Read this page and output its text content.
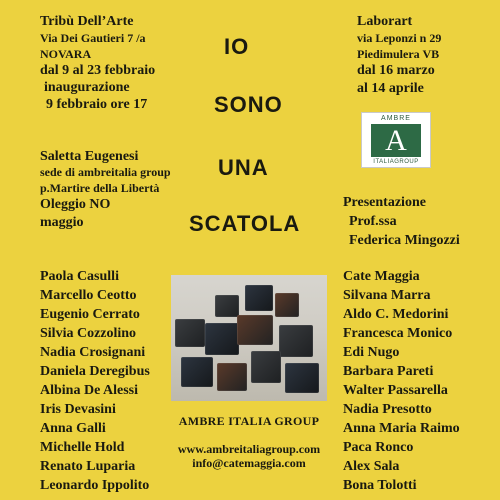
IO
SONO
UNA
SCATOLA
Tribù Dell’Arte
Via Dei Gautieri 7 /a
NOVARA
dal 9 al 23 febbraio
inaugurazione
9 febbraio ore 17
Laborart
via Leponzi n 29
Piedimulera VB
dal 16 marzo
al 14 aprile
AMBRE
A
ITALIAGROUP
Saletta Eugenesi
sede di ambreitalia group
p.Martire della Libertà
Oleggio NO
maggio
Presentazione
Prof.ssa
Federica Mingozzi
Paola Casulli
Marcello Ceotto
Eugenio Cerrato
Silvia Cozzolino
Nadia Crosignani
Daniela Deregibus
Albina De Alessi
Iris Devasini
Anna Galli
Michelle Hold
Renato Luparia
Leonardo Ippolito
Cate Maggia
Silvana Marra
Aldo C. Medorini
Francesca Monico
Edi Nugo
Barbara Pareti
Walter Passarella
Nadia Presotto
Anna Maria Raimo
Paca Ronco
Alex Sala
Bona Tolotti
AMBRE ITALIA GROUP
www.ambreitaliagroup.com
info@catemaggia.com
